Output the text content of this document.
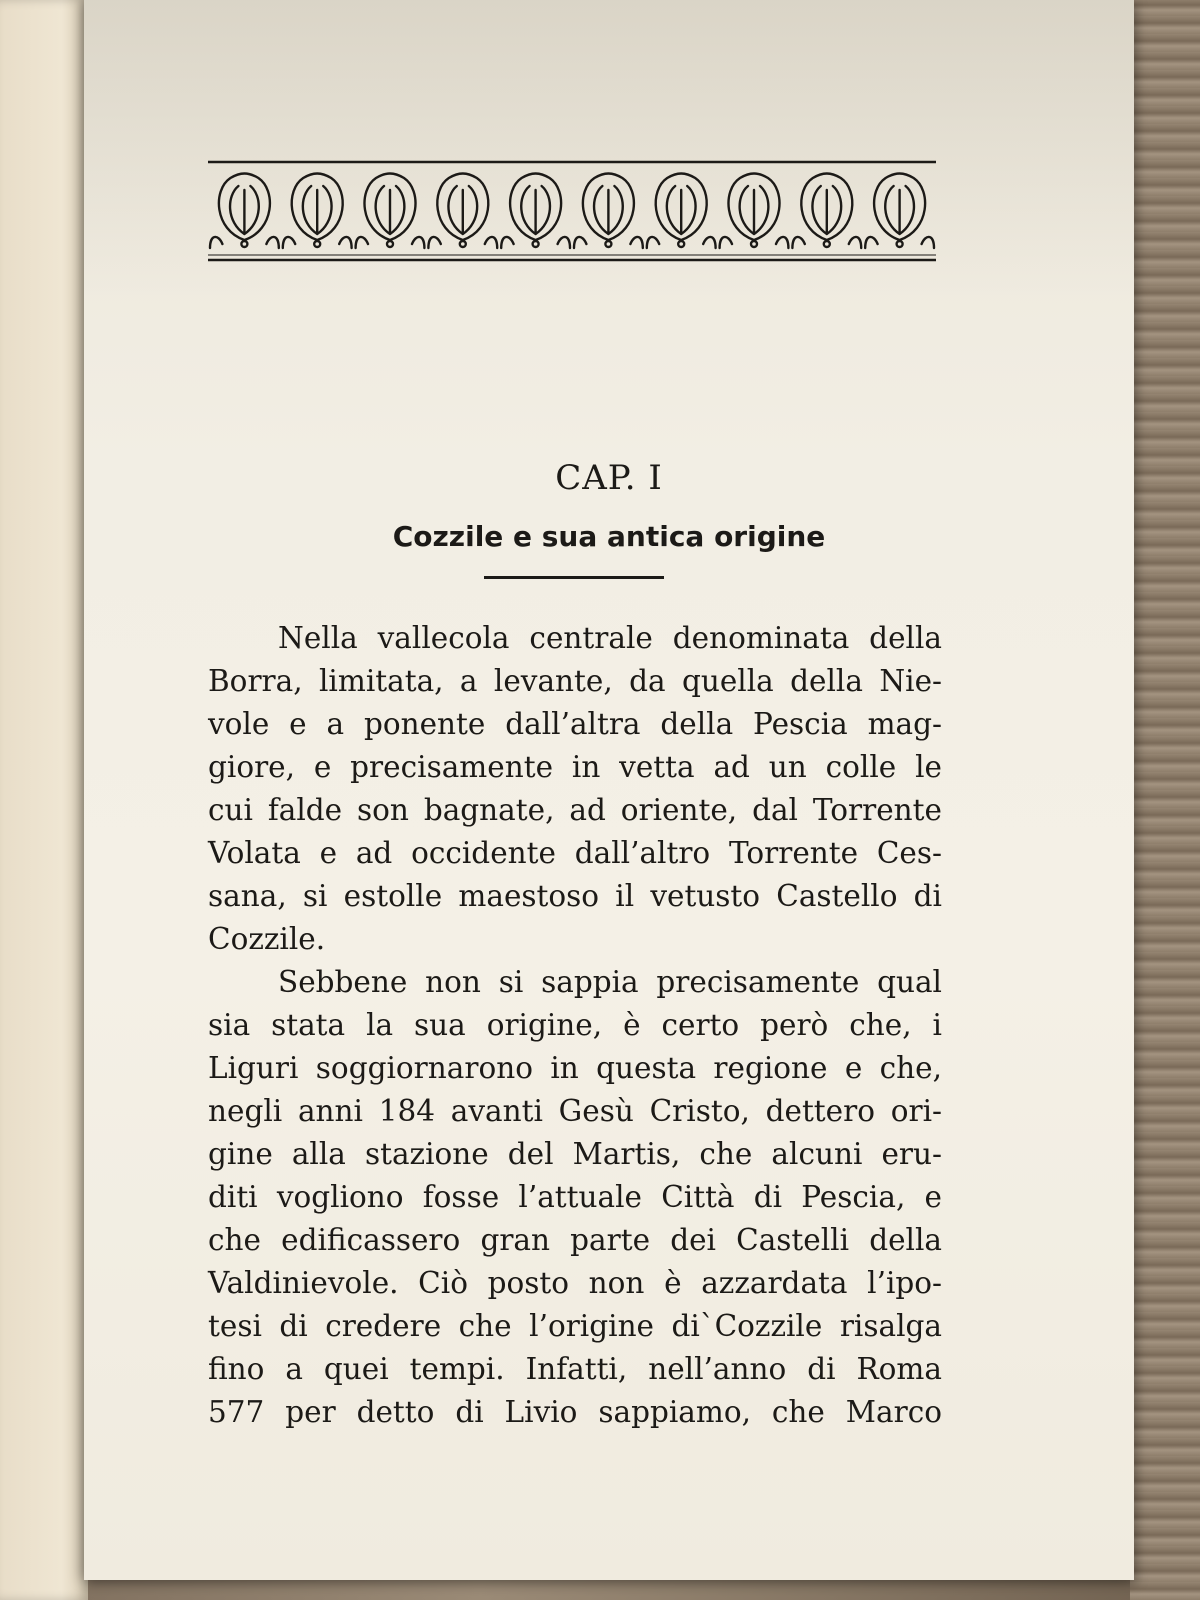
CAP. I
Cozzile e sua antica origine
Nella vallecola centrale denominata della
Borra, limitata, a levante, da quella della Nie-
vole e a ponente dall’altra della Pescia mag-
giore, e precisamente in vetta ad un colle le
cui falde son bagnate, ad oriente, dal Torrente
Volata e ad occidente dall’altro Torrente Ces-
sana, si estolle maestoso il vetusto Castello di
Cozzile.
Sebbene non si sappia precisamente qual
sia stata la sua origine, è certo però che, i
Liguri soggiornarono in questa regione e che,
negli anni 184 avanti Gesù Cristo, dettero ori-
gine alla stazione del Martis, che alcuni eru-
diti vogliono fosse l’attuale Città di Pescia, e
che edificassero gran parte dei Castelli della
Valdinievole. Ciò posto non è azzardata l’ipo-
tesi di credere che l’origine di`Cozzile risalga
fino a quei tempi. Infatti, nell’anno di Roma
577 per detto di Livio sappiamo, che Marco
